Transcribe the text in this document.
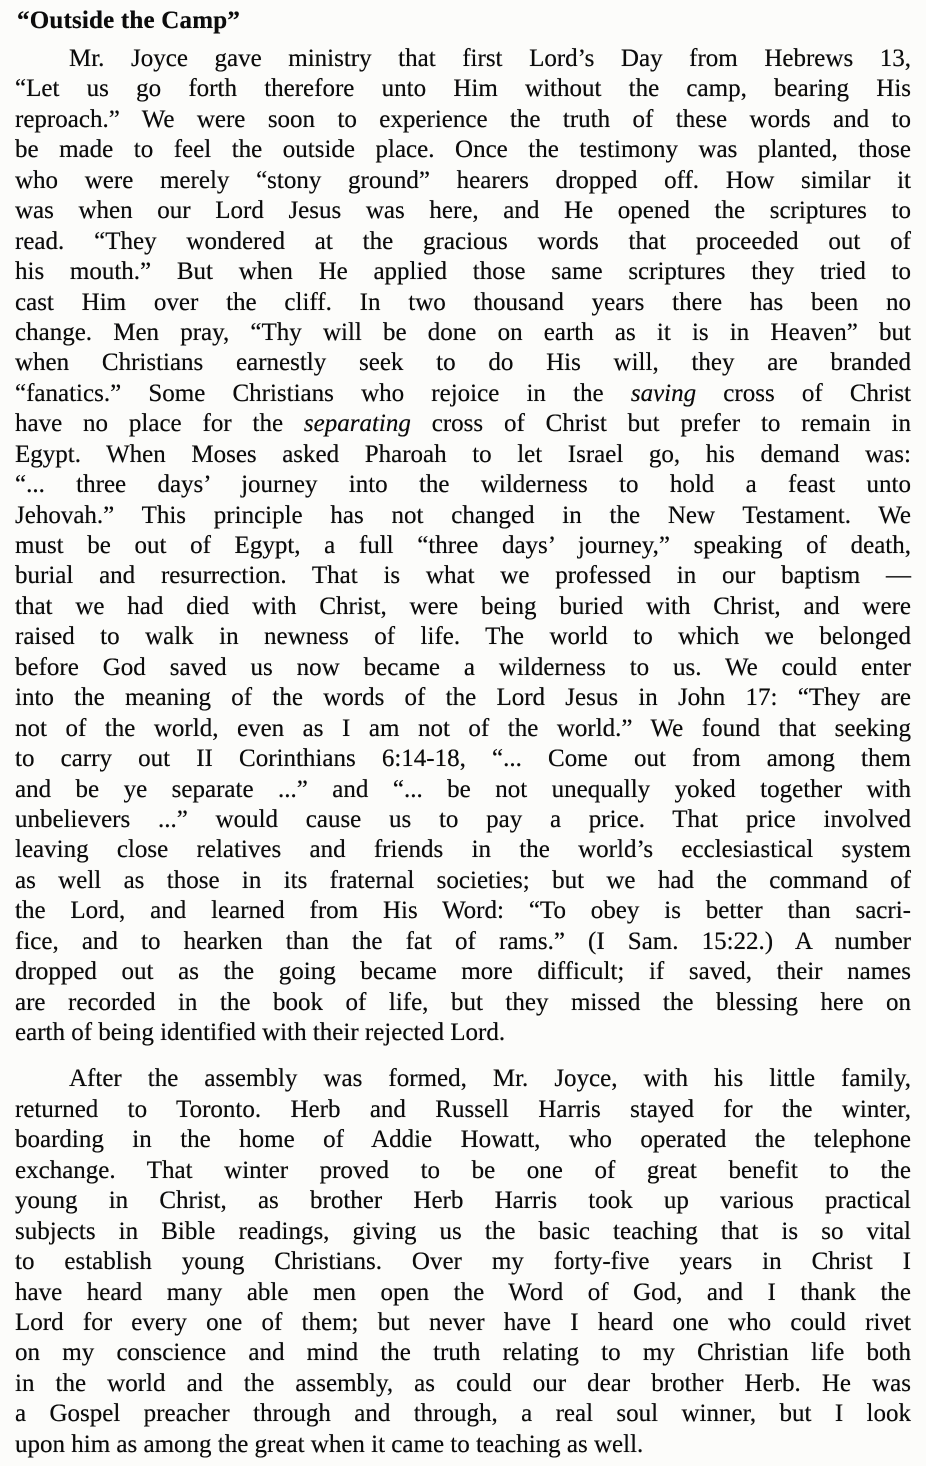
“Outside the Camp”
Mr. Joyce gave ministry that first Lord’s Day from Hebrews 13,
“Let us go forth therefore unto Him without the camp, bearing His
reproach.” We were soon to experience the truth of these words and to
be made to feel the outside place. Once the testimony was planted, those
who were merely “stony ground” hearers dropped off. How similar it
was when our Lord Jesus was here, and He opened the scriptures to
read. “They wondered at the gracious words that proceeded out of
his mouth.” But when He applied those same scriptures they tried to
cast Him over the cliff. In two thousand years there has been no
change. Men pray, “Thy will be done on earth as it is in Heaven” but
when Christians earnestly seek to do His will, they are branded
“fanatics.” Some Christians who rejoice in the saving cross of Christ
have no place for the separating cross of Christ but prefer to remain in
Egypt. When Moses asked Pharoah to let Israel go, his demand was:
“... three days’ journey into the wilderness to hold a feast unto
Jehovah.” This principle has not changed in the New Testament. We
must be out of Egypt, a full “three days’ journey,” speaking of death,
burial and resurrection. That is what we professed in our baptism —
that we had died with Christ, were being buried with Christ, and were
raised to walk in newness of life. The world to which we belonged
before God saved us now became a wilderness to us. We could enter
into the meaning of the words of the Lord Jesus in John 17: “They are
not of the world, even as I am not of the world.” We found that seeking
to carry out II Corinthians 6:14-18, “... Come out from among them
and be ye separate ...” and “... be not unequally yoked together with
unbelievers ...” would cause us to pay a price. That price involved
leaving close relatives and friends in the world’s ecclesiastical system
as well as those in its fraternal societies; but we had the command of
the Lord, and learned from His Word: “To obey is better than sacri-
fice, and to hearken than the fat of rams.” (I Sam. 15:22.) A number
dropped out as the going became more difficult; if saved, their names
are recorded in the book of life, but they missed the blessing here on
earth of being identified with their rejected Lord.
After the assembly was formed, Mr. Joyce, with his little family,
returned to Toronto. Herb and Russell Harris stayed for the winter,
boarding in the home of Addie Howatt, who operated the telephone
exchange. That winter proved to be one of great benefit to the
young in Christ, as brother Herb Harris took up various practical
subjects in Bible readings, giving us the basic teaching that is so vital
to establish young Christians. Over my forty-five years in Christ I
have heard many able men open the Word of God, and I thank the
Lord for every one of them; but never have I heard one who could rivet
on my conscience and mind the truth relating to my Christian life both
in the world and the assembly, as could our dear brother Herb. He was
a Gospel preacher through and through, a real soul winner, but I look
upon him as among the great when it came to teaching as well.
